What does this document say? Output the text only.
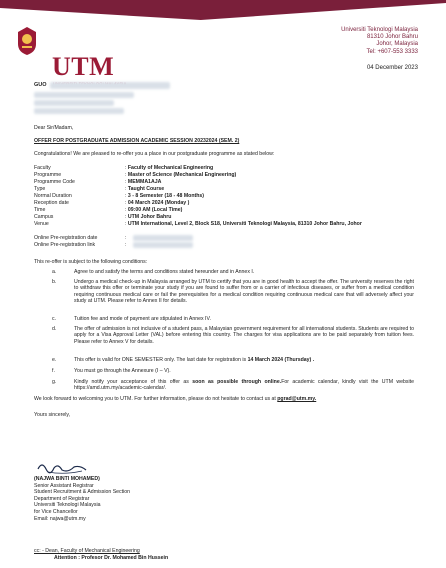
UTM
Universiti Teknologi Malaysia
81310 Johor Bahru
Johor, Malaysia
Tel: +607-553 3333
04 December 2023
GUO
Dear Sir/Madam,
OFFER FOR POSTGRADUATE ADMISSION ACADEMIC SESSION 20232024 (SEM. 2)
Congratulations! We are pleased to re-offer you a place in our postgraduate programme as stated below:
Faculty	: Faculty of Mechanical Engineering
Programme	: Master of Science (Mechanical Engineering)
Programme Code	: MEMMA1AJA
Type	: Taught Course
Normal Duration	: 3 - 8 Semester (18 - 48 Months)
Reception date	: 04 March 2024 (Monday )
Time	: 09:00 AM (Local Time)
Campus	: UTM Johor Bahru
Venue	: UTM International, Level 2, Block S18, Universiti Teknologi Malaysia, 81310 Johor Bahru, Johor
Online Pre-registration date	:
Online Pre-registration link	:
This re-offer is subject to the following conditions:
a.	Agree to and satisfy the terms and conditions stated hereunder and in Annex I.
b.	Undergo a medical check-up in Malaysia arranged by UTM to certify that you are in good health to accept the offer. The university reserves the right to withdraw this offer or terminate your study if you are found to suffer from or a carrier of infectious diseases, or suffer from a medical condition requiring continuous medical care or fail the prerequisites for a medical condition requiring continuous medical care that will adversely affect your study at UTM. Please refer to Annex II for details.
c.	Tuition fee and mode of payment are stipulated in Annex IV.
d.	The offer of admission is not inclusive of a student pass, a Malaysian government requirement for all international students. Students are required to apply for a Visa Approval Letter (VAL) before entering this country. The charges for visa applications are to be paid separately from tuition fees. Please refer to Annex V for details.
e.	This offer is valid for ONE SEMESTER only. The last date for registration is 14 March 2024 (Thursday) .
f.	You must go through the Annexure (I – V).
g.	Kindly notify your acceptance of this offer as soon as possible through online.For academic calendar, kindly visit the UTM website https://amd.utm.my/academic-calendar/.
We look forward to welcoming you to UTM. For further information, please do not hesitate to contact us at pgrad@utm.my.
Yours sincerely,
(NAJWA BINTI MOHAMED)
Senior Assistant Registrar
Student Recruitment & Admission Section
Department of Registrar
Universiti Teknologi Malaysia
for Vice Chancellor
Email: najwa@utm.my
cc: - Dean, Faculty of Mechanical Engineering
Attention : Profesor Dr. Mohamed Bin Hussein
